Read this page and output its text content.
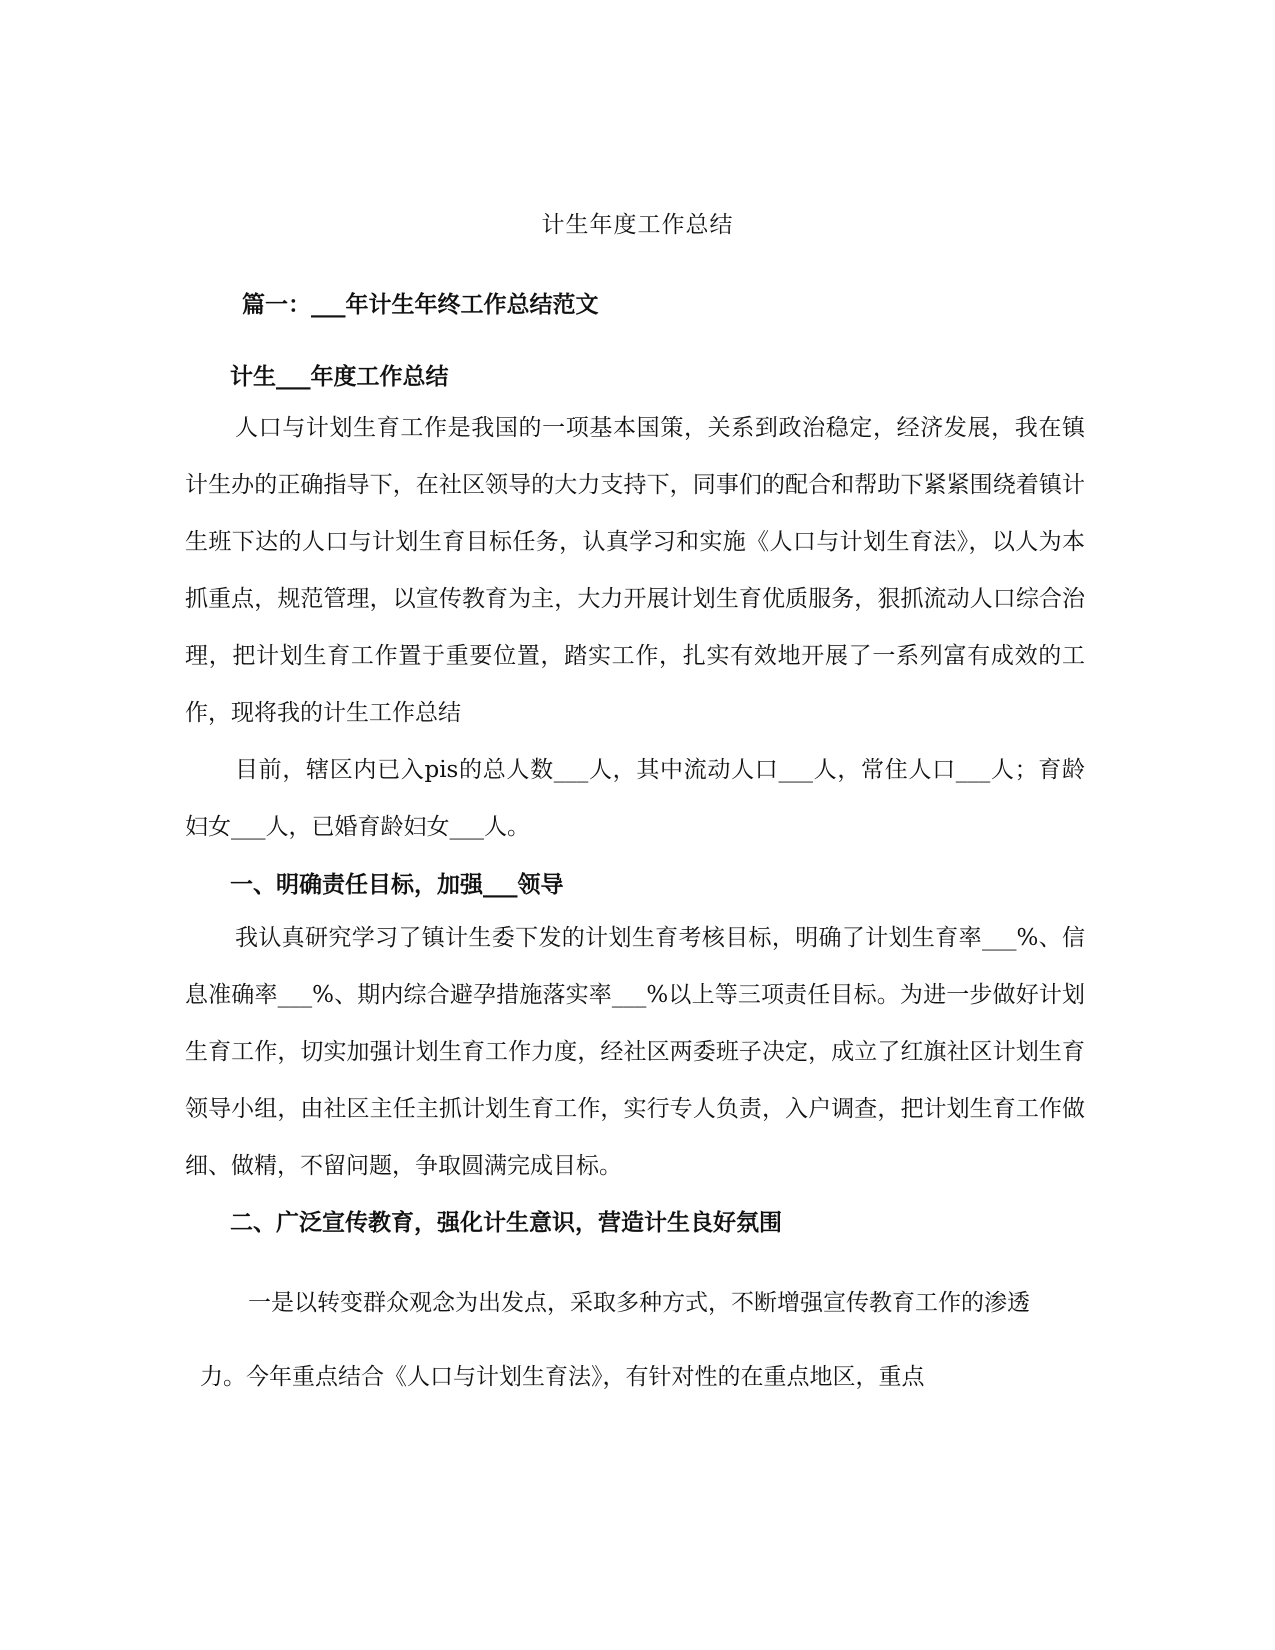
计生年度工作总结
篇一：___年计生年终工作总结范文
计生___年度工作总结
人口与计划生育工作是我国的一项基本国策，关系到政治稳定，经济发展，我在镇计生办的正确指导下，在社区领导的大力支持下，同事们的配合和帮助下紧紧围绕着镇计生班下达的人口与计划生育目标任务，认真学习和实施《人口与计划生育法》，以人为本抓重点，规范管理，以宣传教育为主，大力开展计划生育优质服务，狠抓流动人口综合治理，把计划生育工作置于重要位置，踏实工作，扎实有效地开展了一系列富有成效的工作，现将我的计生工作总结
目前，辖区内已入pis的总人数___人，其中流动人口___人，常住人口___人；育龄妇女___人，已婚育龄妇女___人。
一、明确责任目标，加强___领导
我认真研究学习了镇计生委下发的计划生育考核目标，明确了计划生育率___%、信息准确率___%、期内综合避孕措施落实率___%以上等三项责任目标。为进一步做好计划生育工作，切实加强计划生育工作力度，经社区两委班子决定，成立了红旗社区计划生育领导小组，由社区主任主抓计划生育工作，实行专人负责，入户调查，把计划生育工作做细、做精，不留问题，争取圆满完成目标。
二、广泛宣传教育，强化计生意识，营造计生良好氛围
一是以转变群众观念为出发点，采取多种方式，不断增强宣传教育工作的渗透力。今年重点结合《人口与计划生育法》，有针对性的在重点地区，重点
